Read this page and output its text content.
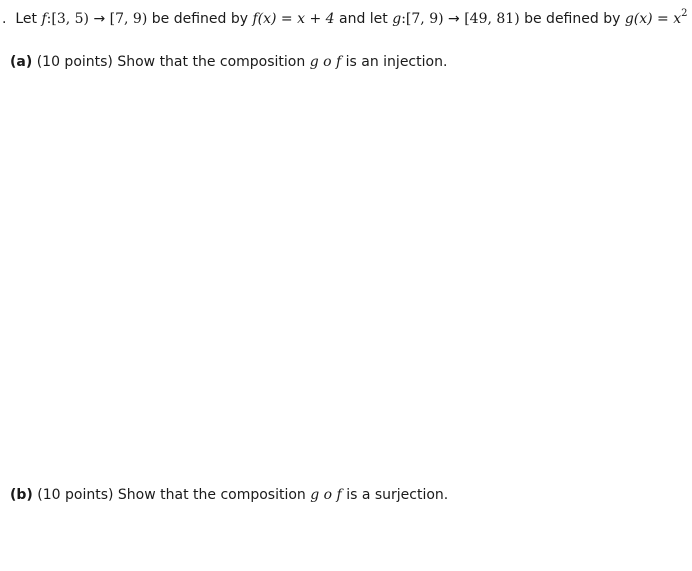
. Let f:[3, 5) → [7, 9) be defined by f(x) = x + 4 and let g:[7, 9) → [49, 81) be defined by $g(x) = x^2$
(a) (10 points) Show that the composition g o f is an injection.
(b) (10 points) Show that the composition g o f is a surjection.
